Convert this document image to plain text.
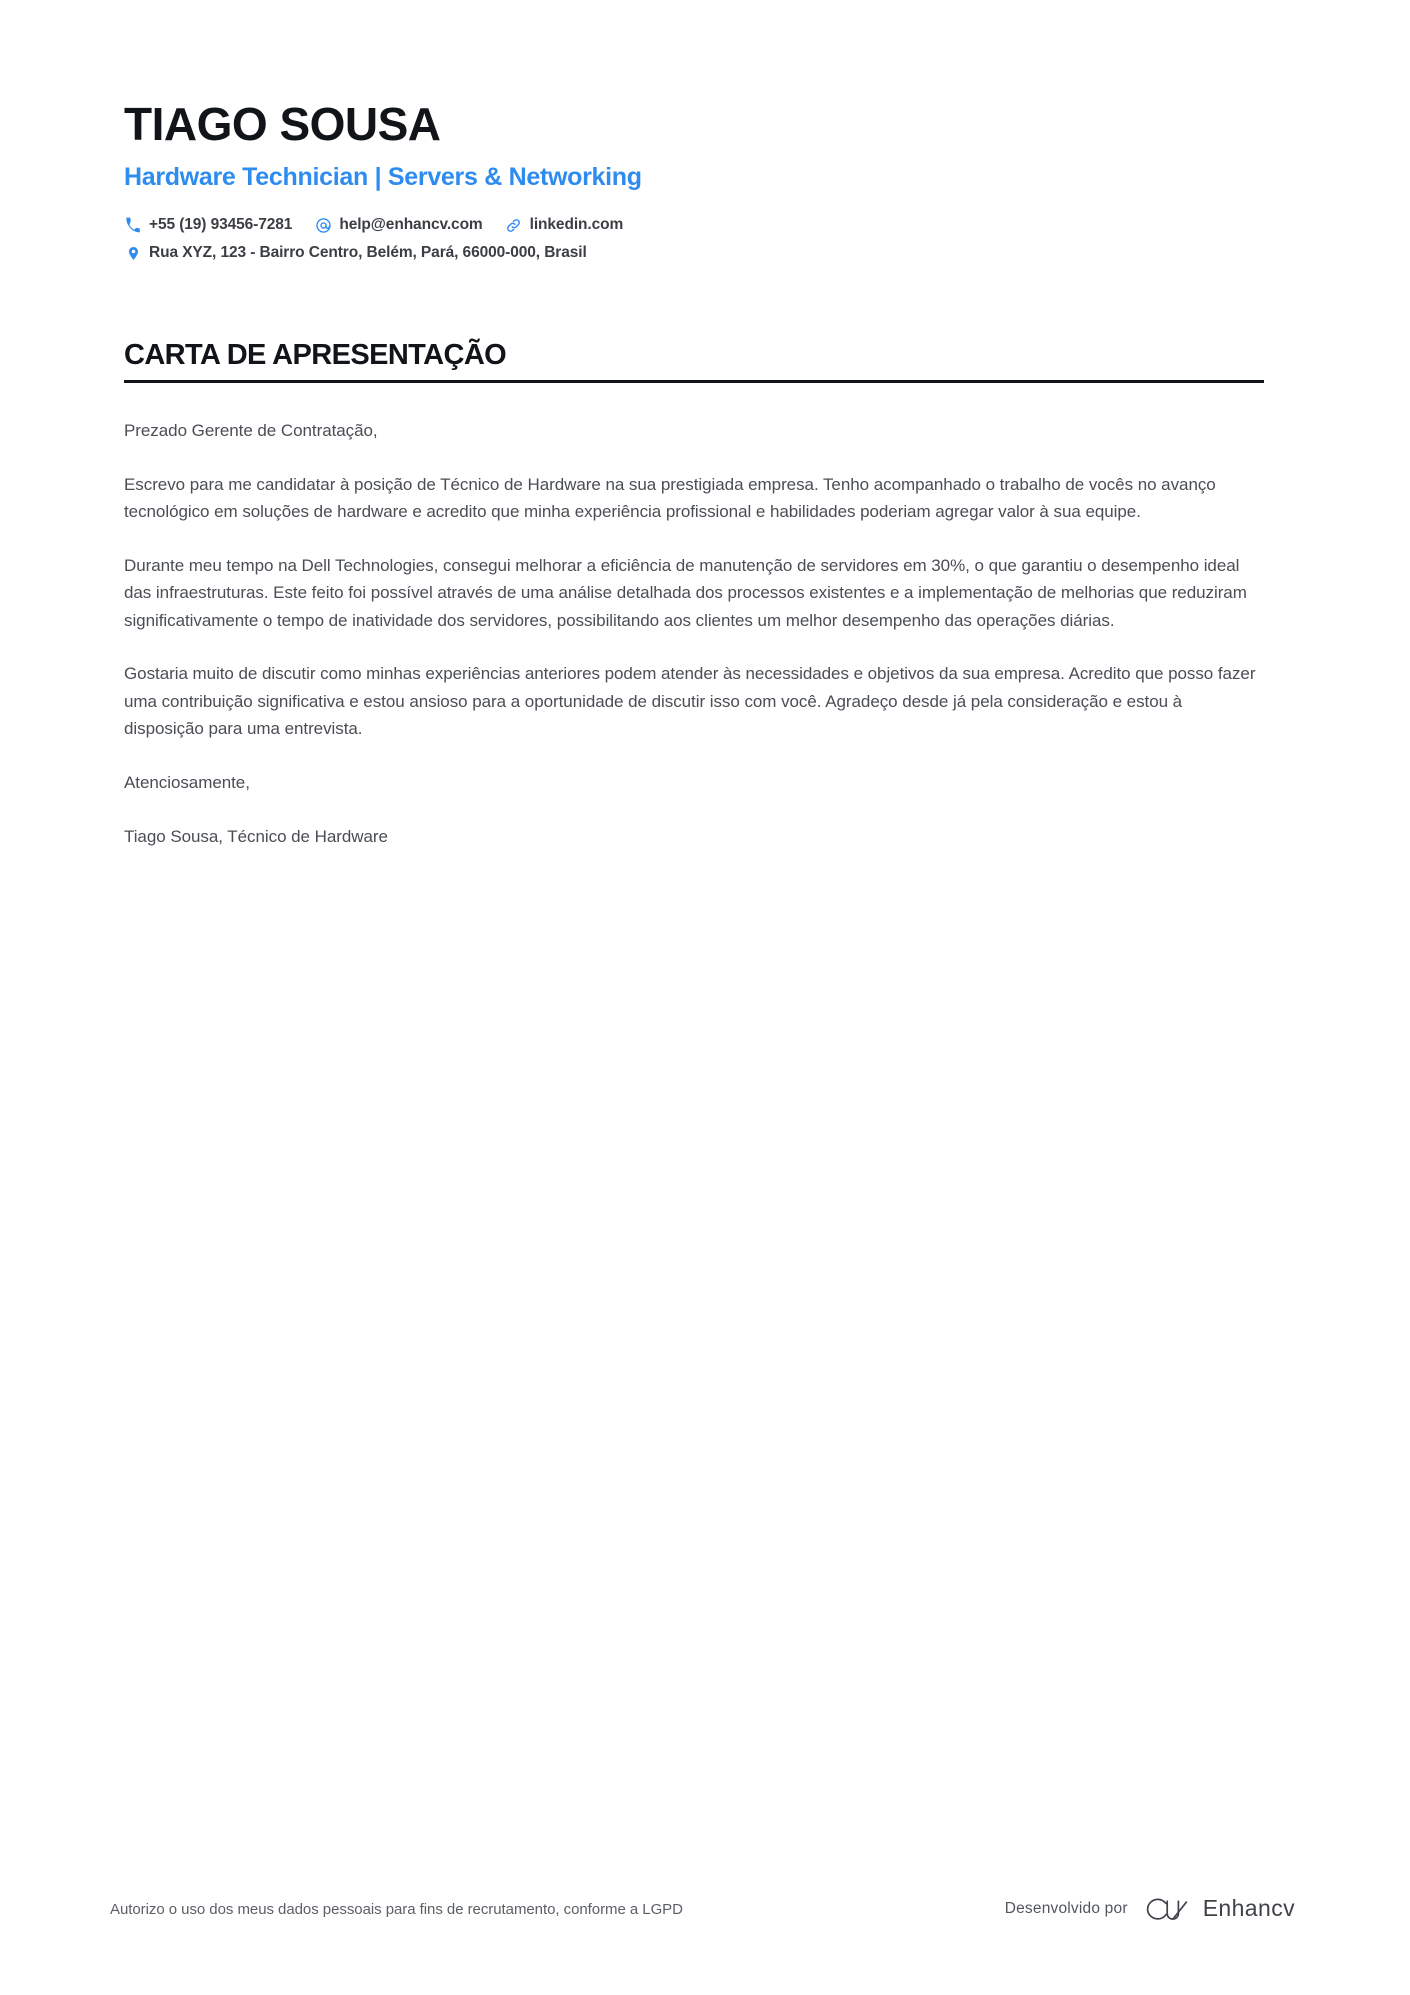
TIAGO SOUSA
Hardware Technician | Servers & Networking
+55 (19) 93456-7281	help@enhancv.com	linkedin.com
Rua XYZ, 123 - Bairro Centro, Belém, Pará, 66000-000, Brasil
CARTA DE APRESENTAÇÃO

Prezado Gerente de Contratação,

Escrevo para me candidatar à posição de Técnico de Hardware na sua prestigiada empresa. Tenho acompanhado o trabalho de vocês no avanço tecnológico em soluções de hardware e acredito que minha experiência profissional e habilidades poderiam agregar valor à sua equipe.

Durante meu tempo na Dell Technologies, consegui melhorar a eficiência de manutenção de servidores em 30%, o que garantiu o desempenho ideal das infraestruturas. Este feito foi possível através de uma análise detalhada dos processos existentes e a implementação de melhorias que reduziram significativamente o tempo de inatividade dos servidores, possibilitando aos clientes um melhor desempenho das operações diárias.

Gostaria muito de discutir como minhas experiências anteriores podem atender às necessidades e objetivos da sua empresa. Acredito que posso fazer uma contribuição significativa e estou ansioso para a oportunidade de discutir isso com você. Agradeço desde já pela consideração e estou à disposição para uma entrevista.

Atenciosamente,

Tiago Sousa, Técnico de Hardware

Autorizo o uso dos meus dados pessoais para fins de recrutamento, conforme a LGPD	Desenvolvido por	Enhancv
